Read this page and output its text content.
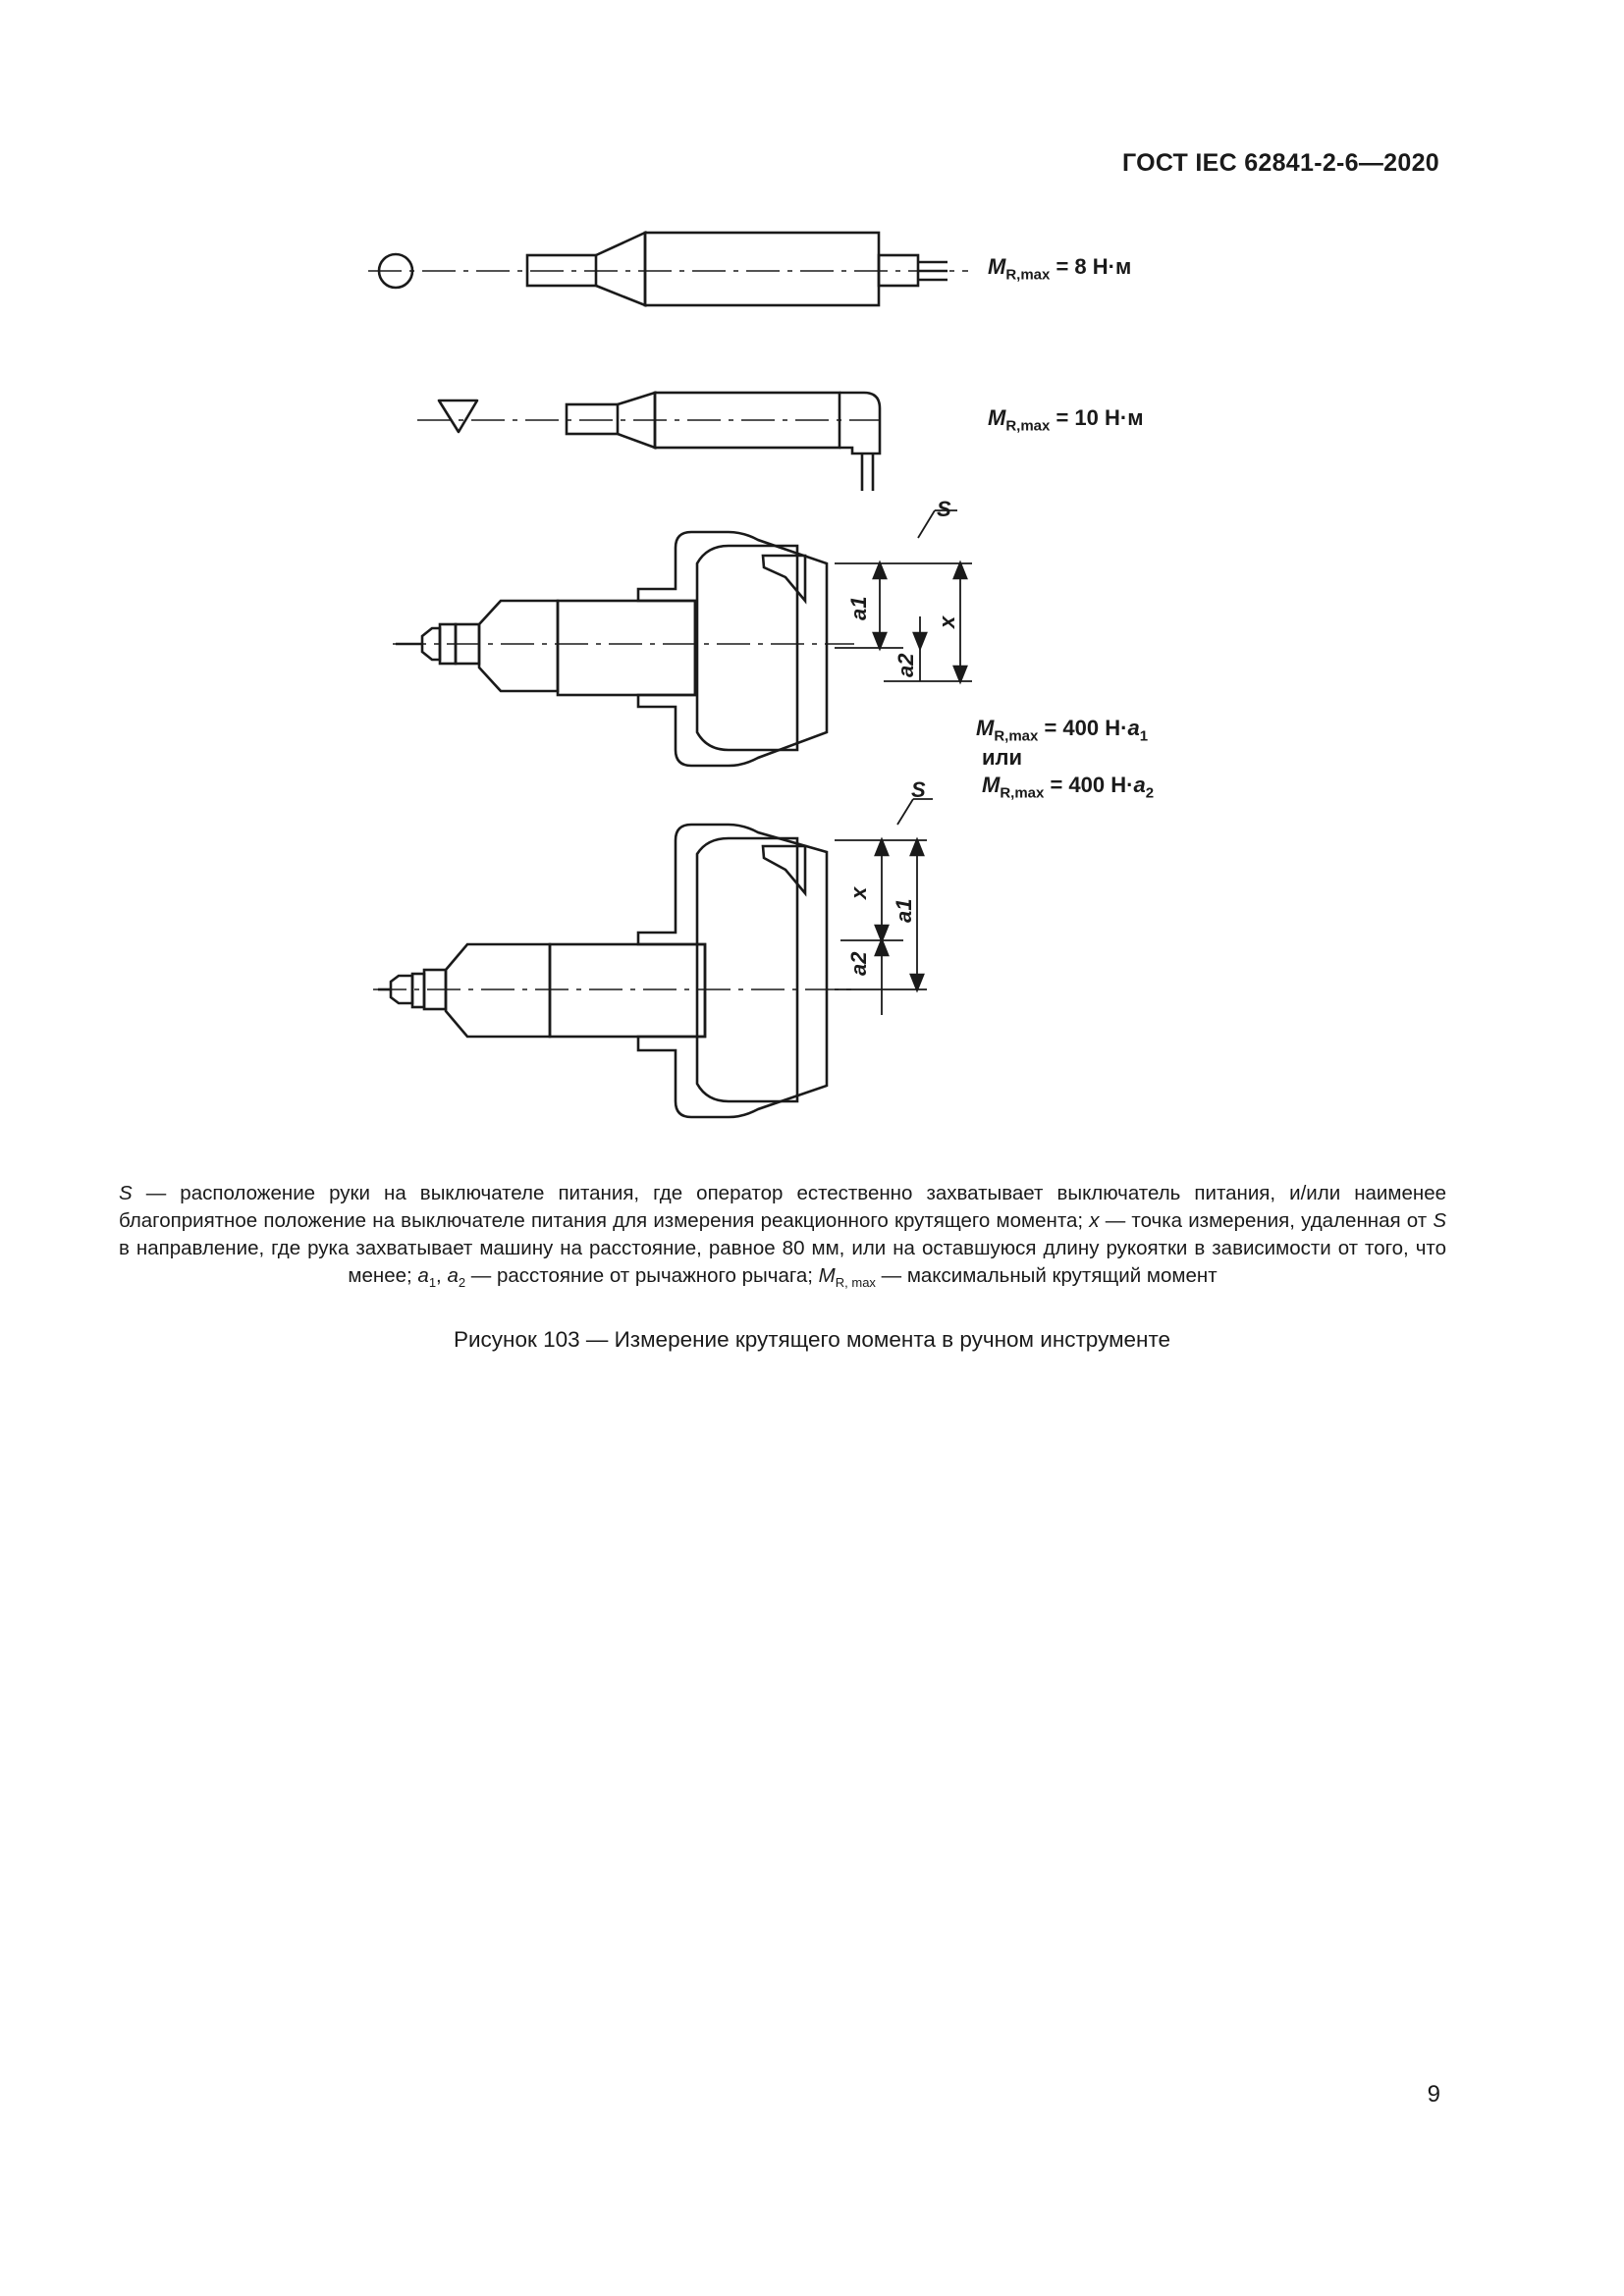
ГОСТ IEC 62841-2-6—2020
S
S
x
x
a1
a2
a1
a2
$M_{R,max} = 8$ Н·м
$M_{R,max} = 10$ Н·м
$M_{R,max} = 400$ $Н\cdot a_1$
или
$M_{R,max} = 400$ $Н\cdot a_2$
S — расположение руки на выключателе питания, где оператор естественно захватывает выключатель питания, и/или наименее благоприятное положение на выключателе питания для измерения реакционного крутящего момента; x — точка измерения, удаленная от S в направление, где рука захватывает машину на расстояние, равное 80 мм, или на оставшуюся длину рукоятки в зависимости от того, что менее; $a_1$, $a_2$ — расстояние от рычажного рычага; $M_{R, max}$ — максимальный крутящий момент
Рисунок 103 — Измерение крутящего момента в ручном инструменте
9
